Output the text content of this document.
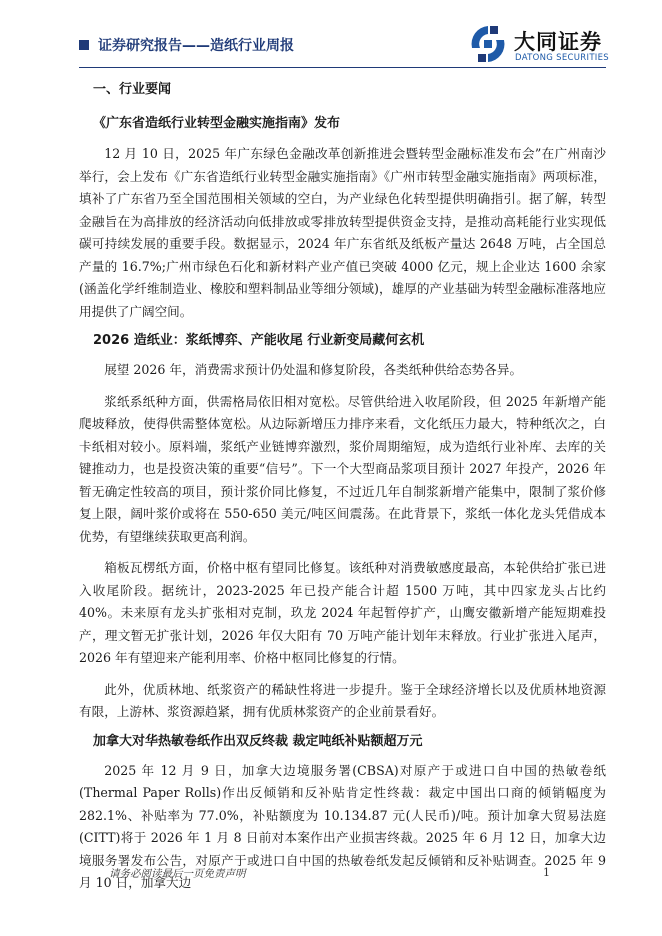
证券研究报告——造纸行业周报	大同证券
DATONG SECURITIES
一、行业要闻
《广东省造纸行业转型金融实施指南》发布

12 月 10 日，2025 年广东绿色金融改革创新推进会暨转型金融标准发布会”在广州南沙举行，会上发布《广东省造纸行业转型金融实施指南》《广州市转型金融实施指南》两项标准，填补了广东省乃至全国范围相关领域的空白，为产业绿色化转型提供明确指引。据了解，转型金融旨在为高排放的经济活动向低排放或零排放转型提供资金支持，是推动高耗能行业实现低碳可持续发展的重要手段。数据显示，2024 年广东省纸及纸板产量达 2648 万吨，占全国总产量的 16.7%;广州市绿色石化和新材料产业产值已突破 4000 亿元，规上企业达 1600 余家(涵盖化学纤维制造业、橡胶和塑料制品业等细分领域)，雄厚的产业基础为转型金融标准落地应用提供了广阔空间。

2026 造纸业：浆纸博弈、产能收尾 行业新变局藏何玄机

展望 2026 年，消费需求预计仍处温和修复阶段，各类纸种供给态势各异。

浆纸系纸种方面，供需格局依旧相对宽松。尽管供给进入收尾阶段，但 2025 年新增产能爬坡释放，使得供需整体宽松。从边际新增压力排序来看，文化纸压力最大，特种纸次之，白卡纸相对较小。原料端，浆纸产业链博弈激烈，浆价周期缩短，成为造纸行业补库、去库的关键推动力，也是投资决策的重要“信号”。下一个大型商品浆项目预计 2027 年投产，2026 年暂无确定性较高的项目，预计浆价同比修复，不过近几年自制浆新增产能集中，限制了浆价修复上限，阔叶浆价或将在 550-650 美元/吨区间震荡。在此背景下，浆纸一体化龙头凭借成本优势，有望继续获取更高利润。

箱板瓦楞纸方面，价格中枢有望同比修复。该纸种对消费敏感度最高，本轮供给扩张已进入收尾阶段。据统计，2023-2025 年已投产能合计超 1500 万吨，其中四家龙头占比约 40%。未来原有龙头扩张相对克制，玖龙 2024 年起暂停扩产，山鹰安徽新增产能短期难投产，理文暂无扩张计划，2026 年仅大阳有 70 万吨产能计划年末释放。行业扩张进入尾声，2026 年有望迎来产能利用率、价格中枢同比修复的行情。

此外，优质林地、纸浆资产的稀缺性将进一步提升。鉴于全球经济增长以及优质林地资源有限，上游林、浆资源趋紧，拥有优质林浆资产的企业前景看好。

加拿大对华热敏卷纸作出双反终裁 裁定吨纸补贴额超万元

2025 年 12 月 9 日，加拿大边境服务署(CBSA)对原产于或进口自中国的热敏卷纸(Thermal Paper Rolls)作出反倾销和反补贴肯定性终裁：裁定中国出口商的倾销幅度为 282.1%、补贴率为 77.0%，补贴额度为 10.134.87 元(人民币)/吨。预计加拿大贸易法庭(CITT)将于 2026 年 1 月 8 日前对本案作出产业损害终裁。2025 年 6 月 12 日，加拿大边境服务署发布公告，对原产于或进口自中国的热敏卷纸发起反倾销和反补贴调查。2025 年 9 月 10 日，加拿大边

请务必阅读最后一页免责声明	1
